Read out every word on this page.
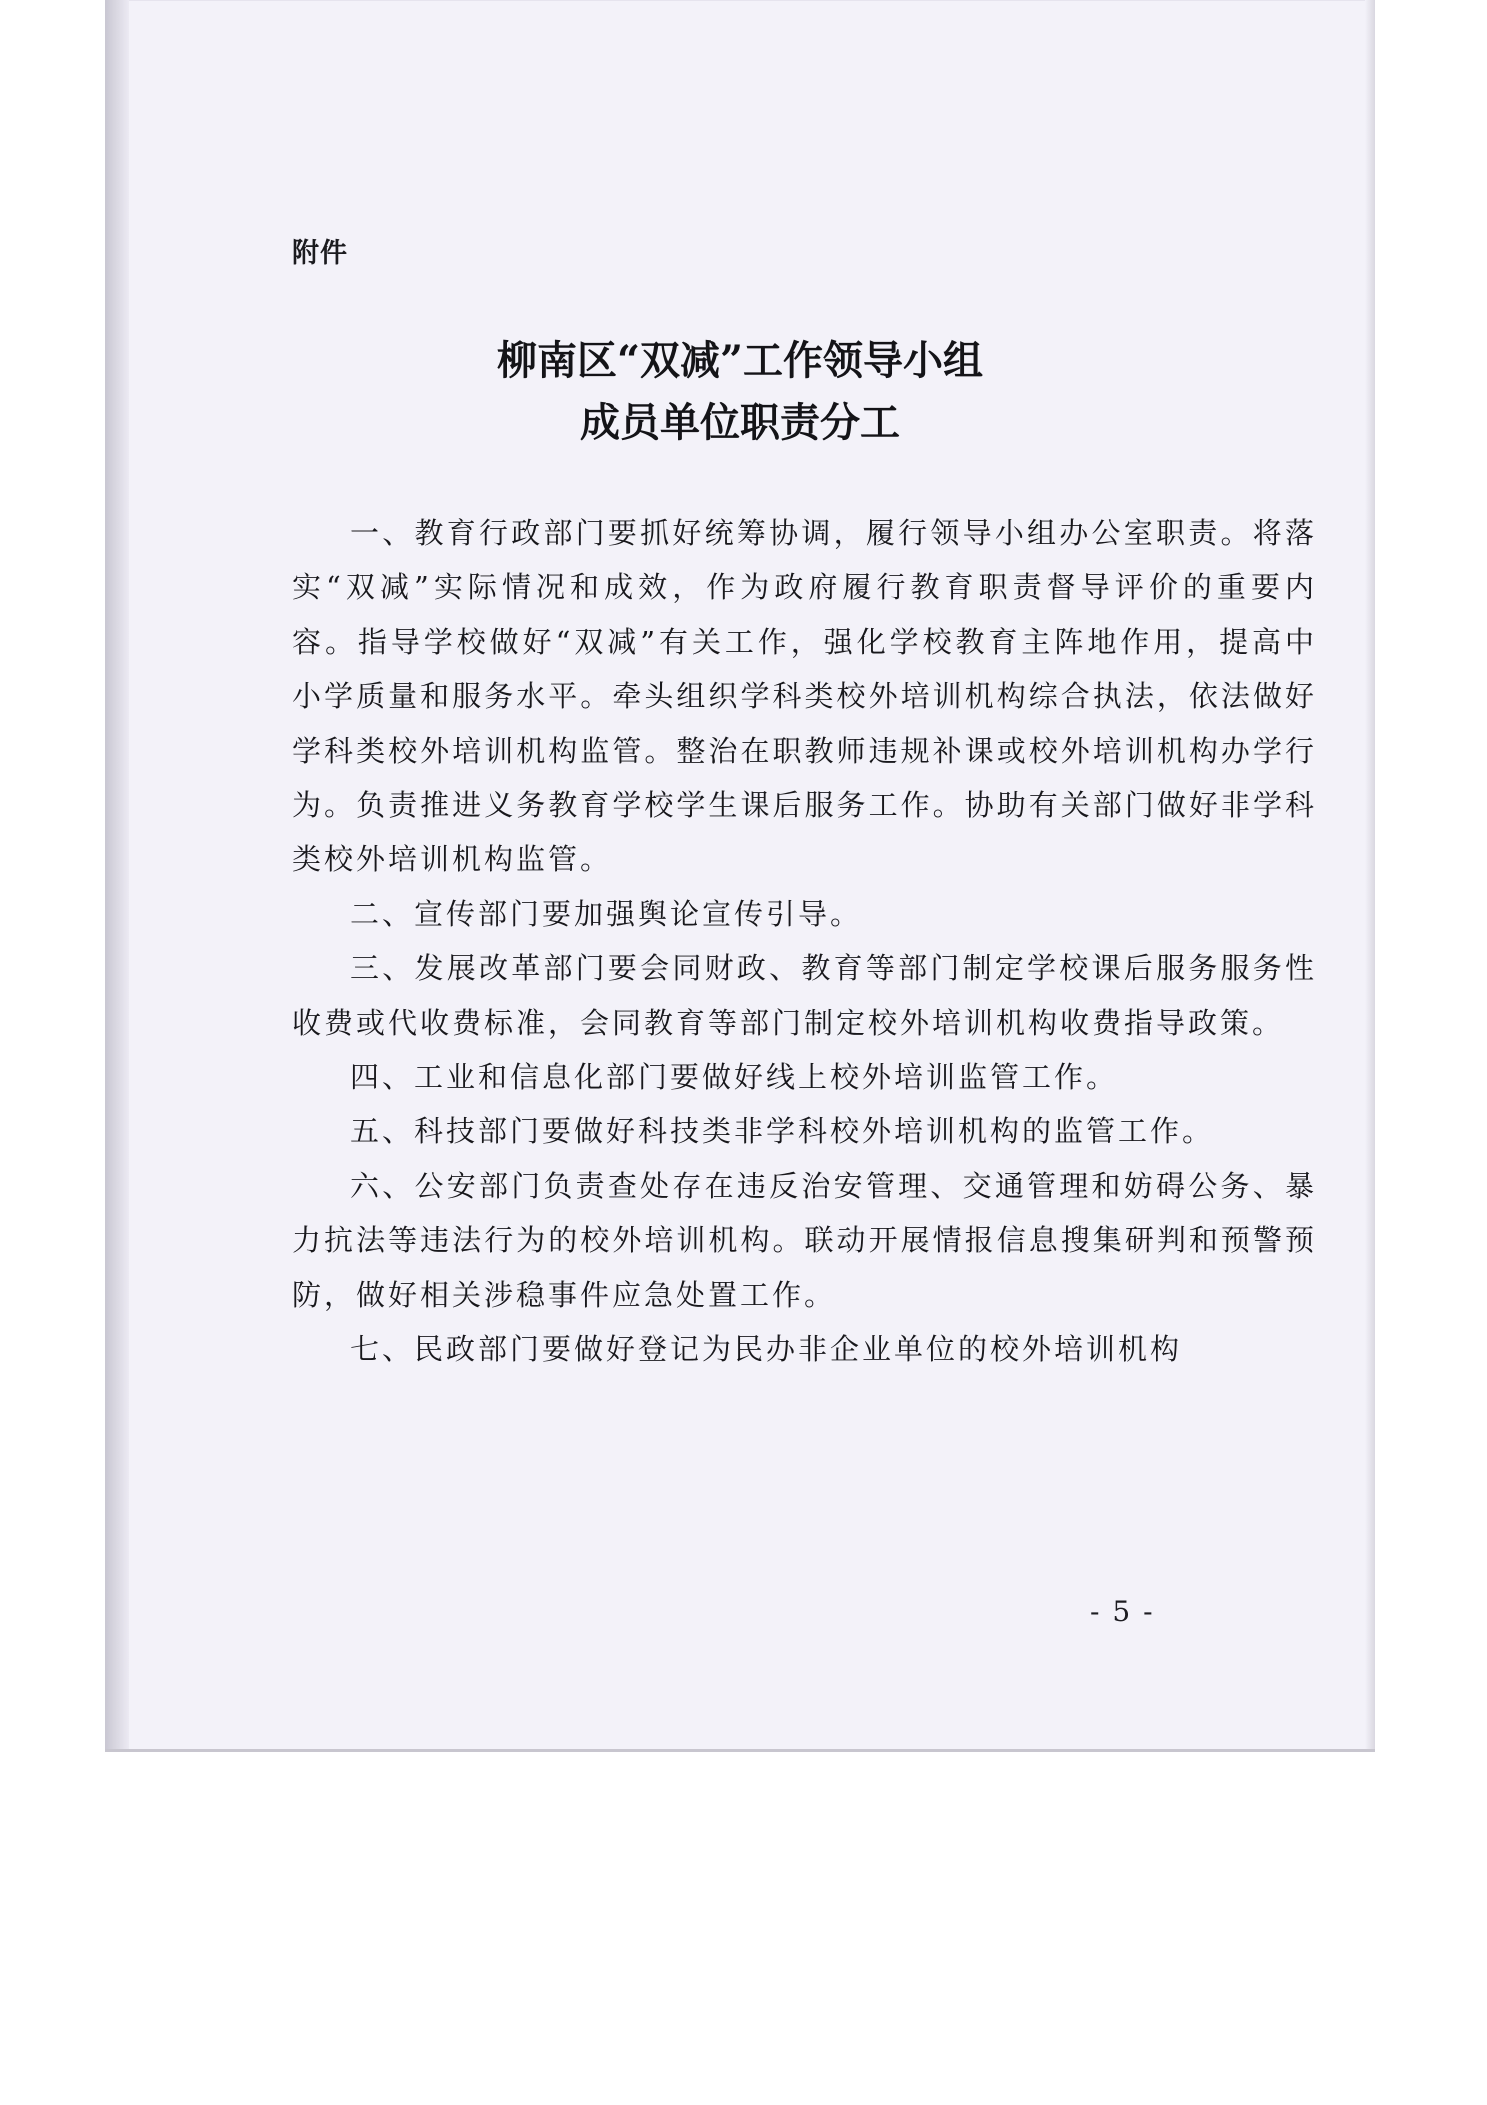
附件
柳南区“双减”工作领导小组
成员单位职责分工

一、教育行政部门要抓好统筹协调，履行领导小组办公室职责。将落实“双减”实际情况和成效，作为政府履行教育职责督导评价的重要内容。指导学校做好“双减”有关工作，强化学校教育主阵地作用，提高中小学质量和服务水平。牵头组织学科类校外培训机构综合执法，依法做好学科类校外培训机构监管。整治在职教师违规补课或校外培训机构办学行为。负责推进义务教育学校学生课后服务工作。协助有关部门做好非学科类校外培训机构监管。

二、宣传部门要加强舆论宣传引导。

三、发展改革部门要会同财政、教育等部门制定学校课后服务服务性收费或代收费标准，会同教育等部门制定校外培训机构收费指导政策。

四、工业和信息化部门要做好线上校外培训监管工作。

五、科技部门要做好科技类非学科校外培训机构的监管工作。

六、公安部门负责查处存在违反治安管理、交通管理和妨碍公务、暴力抗法等违法行为的校外培训机构。联动开展情报信息搜集研判和预警预防，做好相关涉稳事件应急处置工作。

七、民政部门要做好登记为民办非企业单位的校外培训机构

- 5 -
